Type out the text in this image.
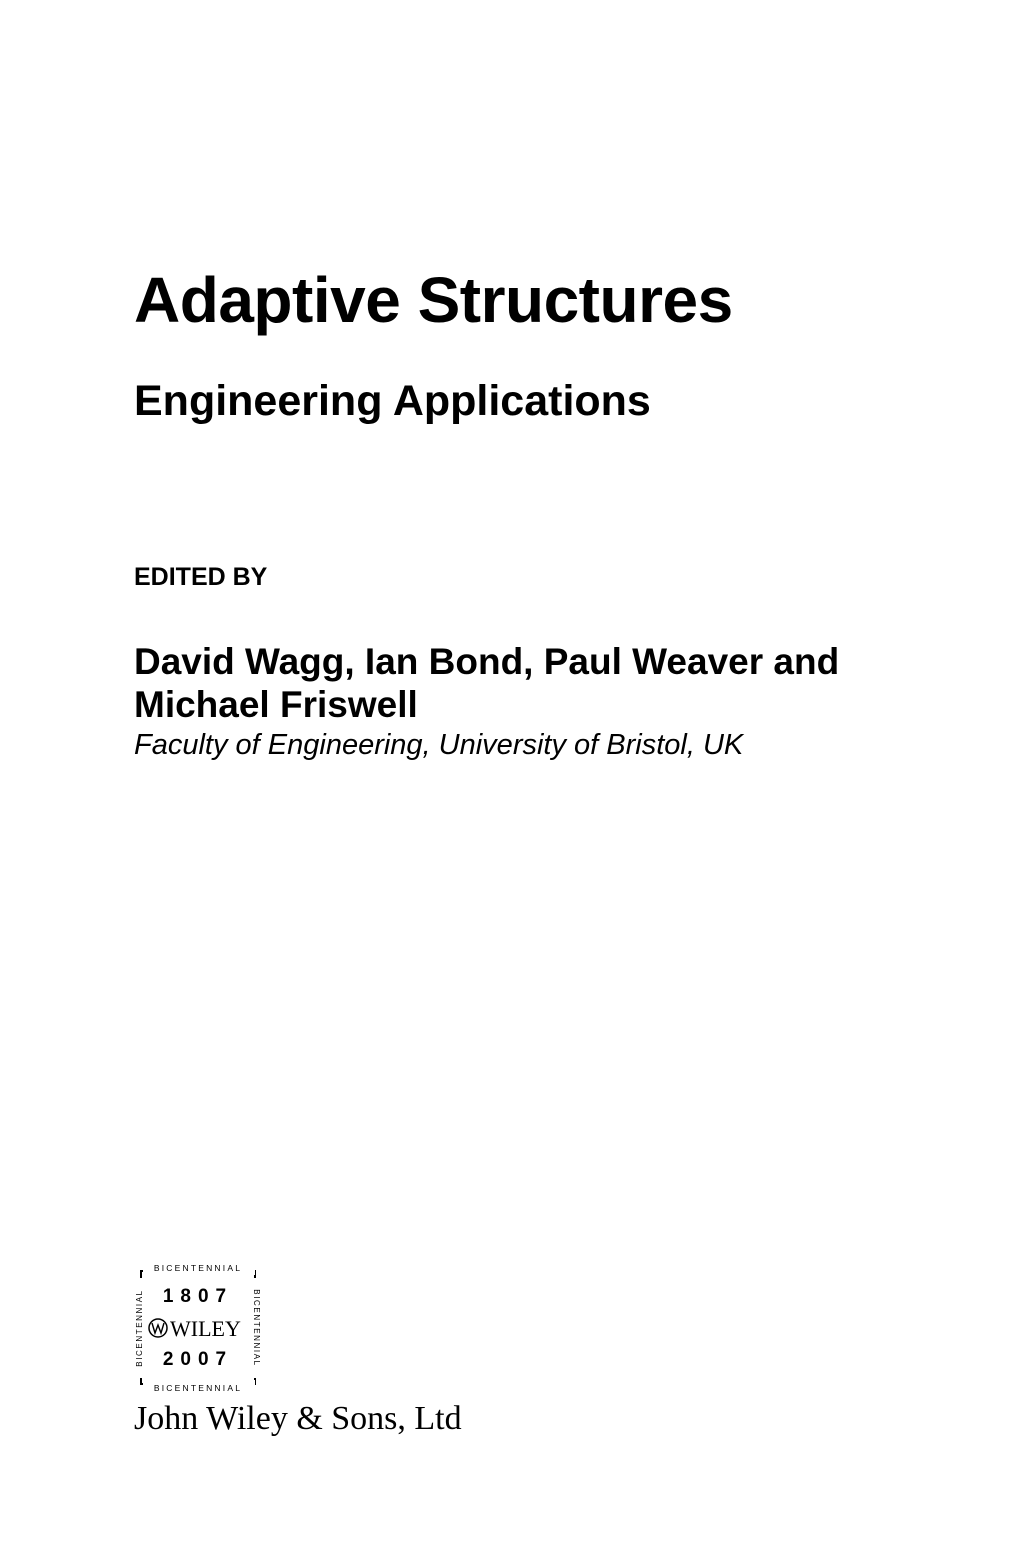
Adaptive Structures
Engineering Applications
EDITED BY
David Wagg, Ian Bond, Paul Weaver and
Michael Friswell
Faculty of Engineering, University of Bristol, UK
BICENTENNIAL
BICENTENNIAL
BICENTENNIAL	BICENTENNIAL
1807
WILEY
2007
John Wiley & Sons, Ltd
